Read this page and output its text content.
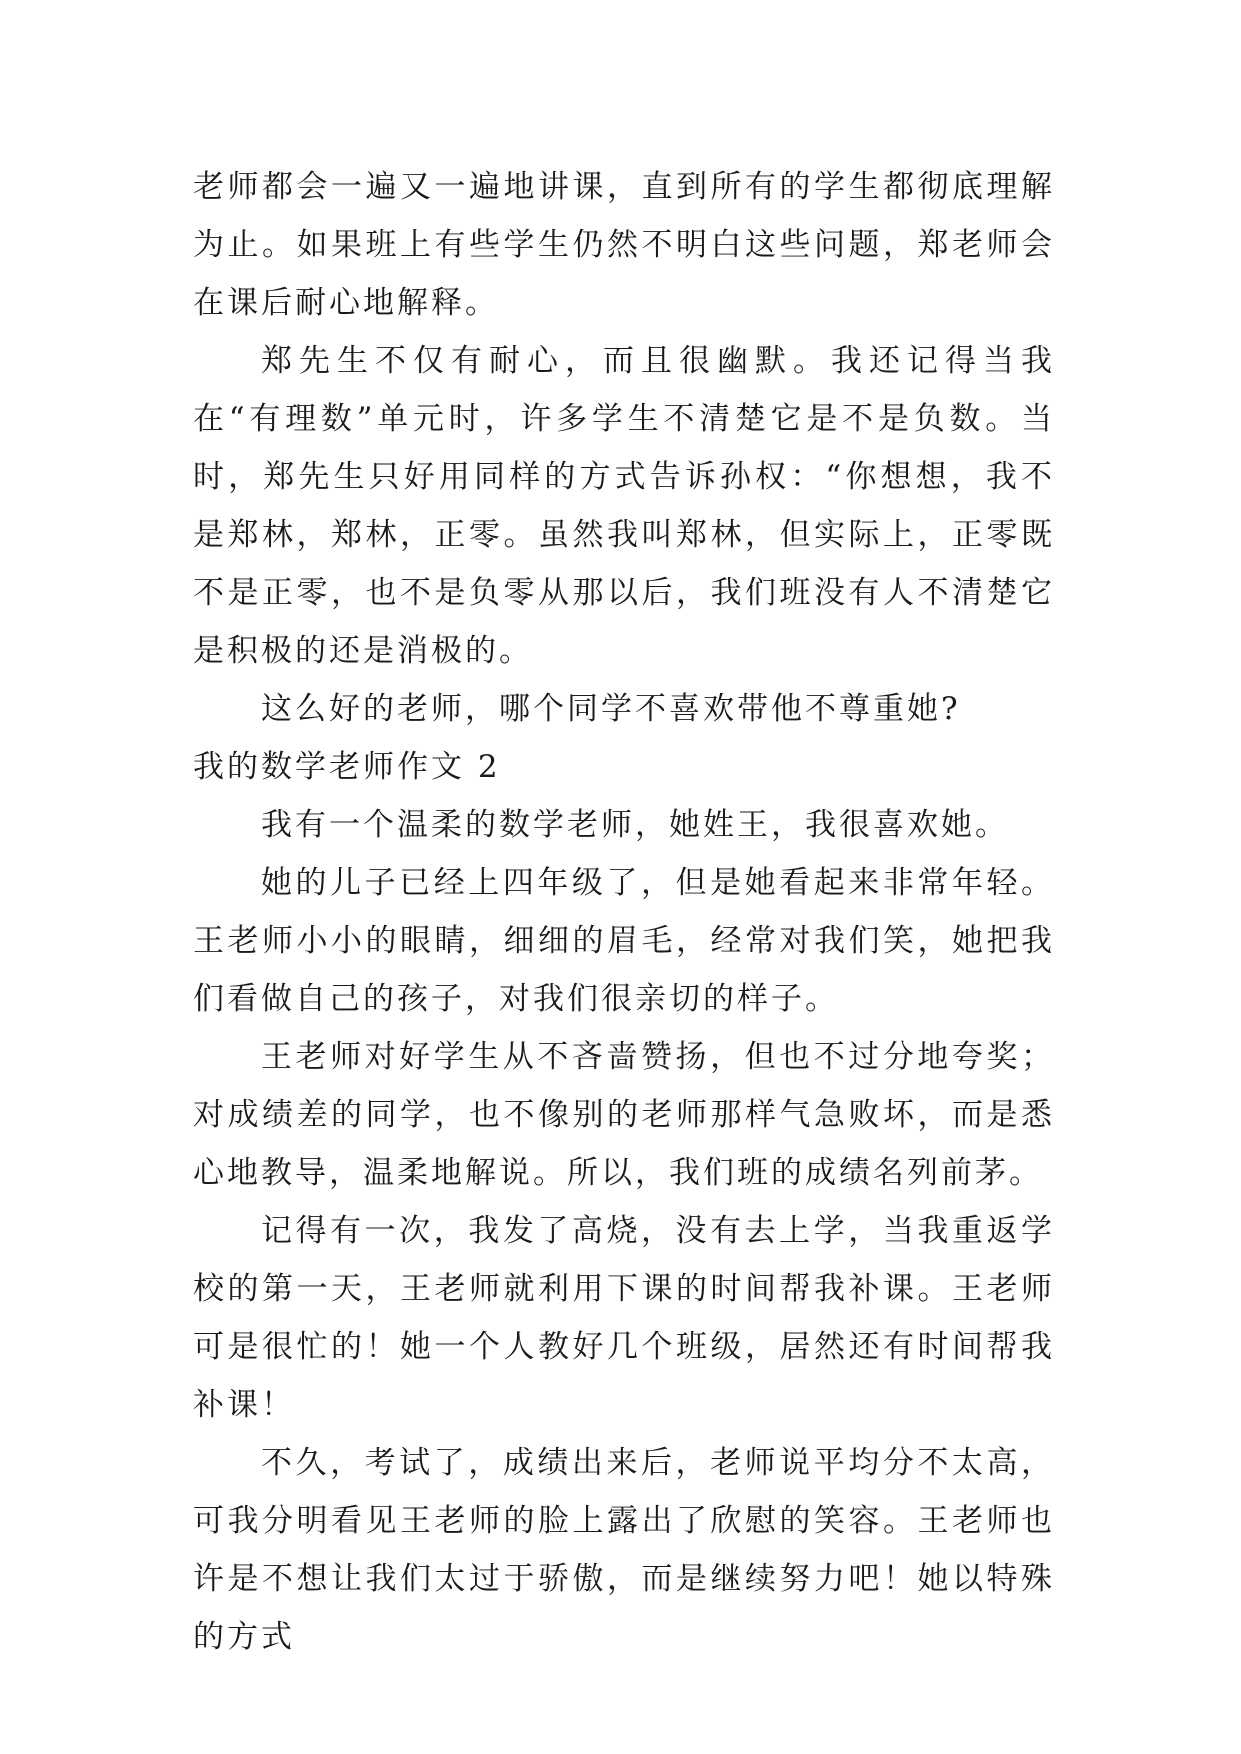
老师都会一遍又一遍地讲课，直到所有的学生都彻底理解为止。如果班上有些学生仍然不明白这些问题，郑老师会在课后耐心地解释。

郑先生不仅有耐心，而且很幽默。我还记得当我在“有理数”单元时，许多学生不清楚它是不是负数。当时，郑先生只好用同样的方式告诉孙权：“你想想，我不是郑林，郑林，正零。虽然我叫郑林，但实际上，正零既不是正零，也不是负零从那以后，我们班没有人不清楚它是积极的还是消极的。

这么好的老师，哪个同学不喜欢带他不尊重她?

我的数学老师作文 2

我有一个温柔的数学老师，她姓王，我很喜欢她。

她的儿子已经上四年级了，但是她看起来非常年轻。王老师小小的眼睛，细细的眉毛，经常对我们笑，她把我们看做自己的孩子，对我们很亲切的样子。

王老师对好学生从不吝啬赞扬，但也不过分地夸奖；对成绩差的同学，也不像别的老师那样气急败坏，而是悉心地教导，温柔地解说。所以，我们班的成绩名列前茅。

记得有一次，我发了高烧，没有去上学，当我重返学校的第一天，王老师就利用下课的时间帮我补课。王老师可是很忙的！她一个人教好几个班级，居然还有时间帮我补课！

不久，考试了，成绩出来后，老师说平均分不太高，可我分明看见王老师的脸上露出了欣慰的笑容。王老师也许是不想让我们太过于骄傲，而是继续努力吧！她以特殊的方式
